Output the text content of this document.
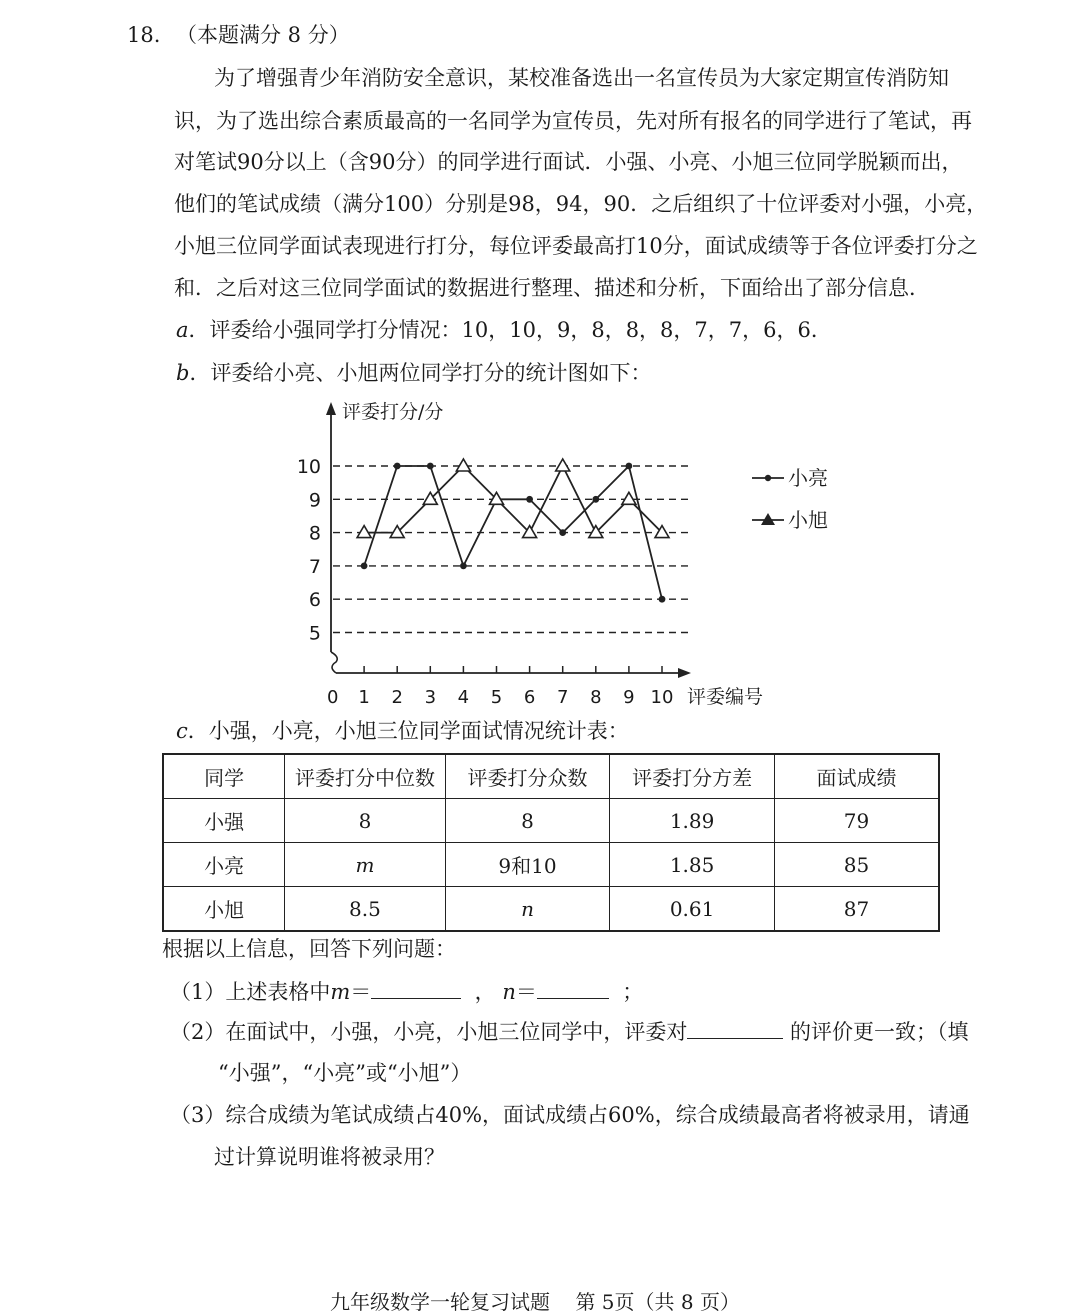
18. （本题满分 8 分）
为了增强青少年消防安全意识，某校准备选出一名宣传员为大家定期宣传消防知
识，为了选出综合素质最高的一名同学为宣传员，先对所有报名的同学进行了笔试，再
对笔试90分以上（含90分）的同学进行面试．小强、小亮、小旭三位同学脱颖而出，
他们的笔试成绩（满分100）分别是98，94，90．之后组织了十位评委对小强，小亮，
小旭三位同学面试表现进行打分，每位评委最高打10分，面试成绩等于各位评委打分之
和．之后对这三位同学面试的数据进行整理、描述和分析，下面给出了部分信息．
a．评委给小强同学打分情况：10，10，9，8，8，8，7，7，6，6．
b．评委给小亮、小旭两位同学打分的统计图如下：
评委打分/分
评委编号
0
5
6
7
8
9
10
1 2 3 4 5 6 7 8 9 10
小亮
小旭
c．小强，小亮，小旭三位同学面试情况统计表：
同学	评委打分中位数	评委打分众数	评委打分方差	面试成绩
小强	8	8	1.89	79
小亮	m	9和10	1.85	85
小旭	8.5	n	0.61	87
根据以上信息，回答下列问题：
（1）上述表格中m＝	， n＝	；
（2）在面试中，小强，小亮，小旭三位同学中，评委对	的评价更一致；（填
“小强”，“小亮”或“小旭”）
（3）综合成绩为笔试成绩占40%，面试成绩占60%，综合成绩最高者将被录用，请通
过计算说明谁将被录用？
九年级数学一轮复习试题 第 5页（共 8 页）
